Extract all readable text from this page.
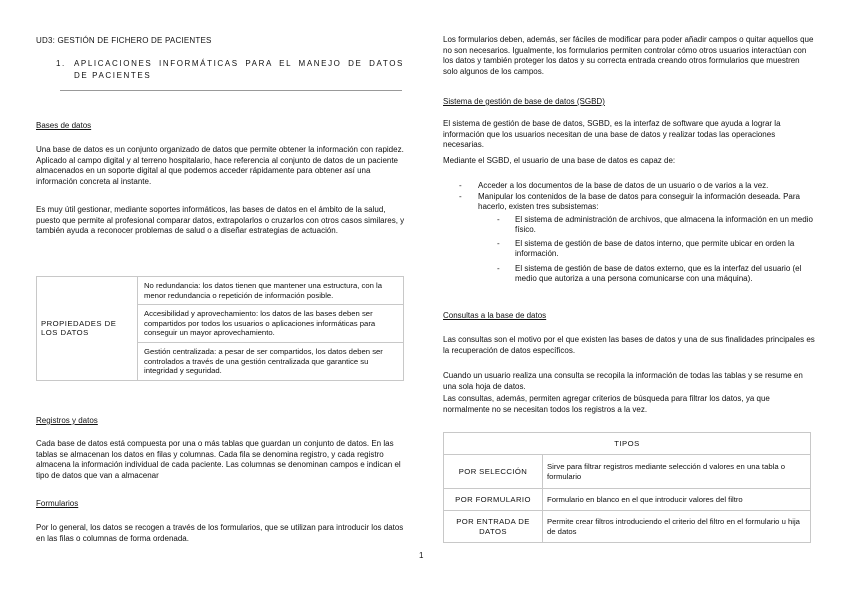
UD3: GESTIÓN DE FICHERO DE PACIENTES
1.	APLICACIONES INFORMÁTICAS PARA EL MANEJO DE DATOS DE PACIENTES
Bases de datos
Una base de datos es un conjunto organizado de datos que permite obtener la información con rapidez. Aplicado al campo digital y al terreno hospitalario, hace referencia al conjunto de datos de un paciente almacenados en un soporte digital al que podemos acceder rápidamente para obtener así una información concreta al instante.
Es muy útil gestionar, mediante soportes informáticos, las bases de datos en el ámbito de la salud, puesto que permite al profesional comparar datos, extrapolarlos o cruzarlos con otros casos similares, y también ayuda a reconocer problemas de salud o a diseñar estrategias de actuación.
PROPIEDADES DE LOS DATOS	No redundancia: los datos tienen que mantener una estructura, con la menor redundancia o repetición de información posible.
Accesibilidad y aprovechamiento: los datos de las bases deben ser compartidos por todos los usuarios o aplicaciones informáticas para conseguir un mayor aprovechamiento.
Gestión centralizada: a pesar de ser compartidos, los datos deben ser controlados a través de una gestión centralizada que garantice su integridad y seguridad.
Registros y datos
Cada base de datos está compuesta por una o más tablas que guardan un conjunto de datos. En las tablas se almacenan los datos en filas y columnas. Cada fila se denomina registro, y cada registro almacena la información individual de cada paciente. Las columnas se denominan campos e indican el tipo de datos que van a almacenar
Formularios
Por lo general, los datos se recogen a través de los formularios, que se utilizan para introducir los datos en las filas o columnas de forma ordenada.
Los formularios deben, además, ser fáciles de modificar para poder añadir campos o quitar aquellos que no son necesarios. Igualmente, los formularios permiten controlar cómo otros usuarios interactúan con los datos y también proteger los datos y su correcta entrada creando otros formularios que muestren solo algunos de los campos.
Sistema de gestión de base de datos (SGBD)
El sistema de gestión de base de datos, SGBD, es la interfaz de software que ayuda a lograr la información que los usuarios necesitan de una base de datos y realizar todas las operaciones necesarias.
Mediante el SGBD, el usuario de una base de datos es capaz de:
-	Acceder a los documentos de la base de datos de un usuario o de varios a la vez.
-	Manipular los contenidos de la base de datos para conseguir la información deseada. Para hacerlo, existen tres subsistemas:
-	El sistema de administración de archivos, que almacena la información en un medio físico.
-	El sistema de gestión de base de datos interno, que permite ubicar en orden la información.
-	El sistema de gestión de base de datos externo, que es la interfaz del usuario (el medio que autoriza a una persona comunicarse con una máquina).
Consultas a la base de datos
Las consultas son el motivo por el que existen las bases de datos y una de sus finalidades principales es la recuperación de datos específicos.
Cuando un usuario realiza una consulta se recopila la información de todas las tablas y se resume en una sola hoja de datos.
Las consultas, además, permiten agregar criterios de búsqueda para filtrar los datos, ya que normalmente no se necesitan todos los registros a la vez.
TIPOS	
POR SELECCIÓN	Sirve para filtrar registros mediante selección d valores en una tabla o formulario
POR FORMULARIO	Formulario en blanco en el que introducir valores del filtro
POR ENTRADA DE DATOS	Permite crear filtros introduciendo el criterio del filtro en el formulario u hija de datos
1
